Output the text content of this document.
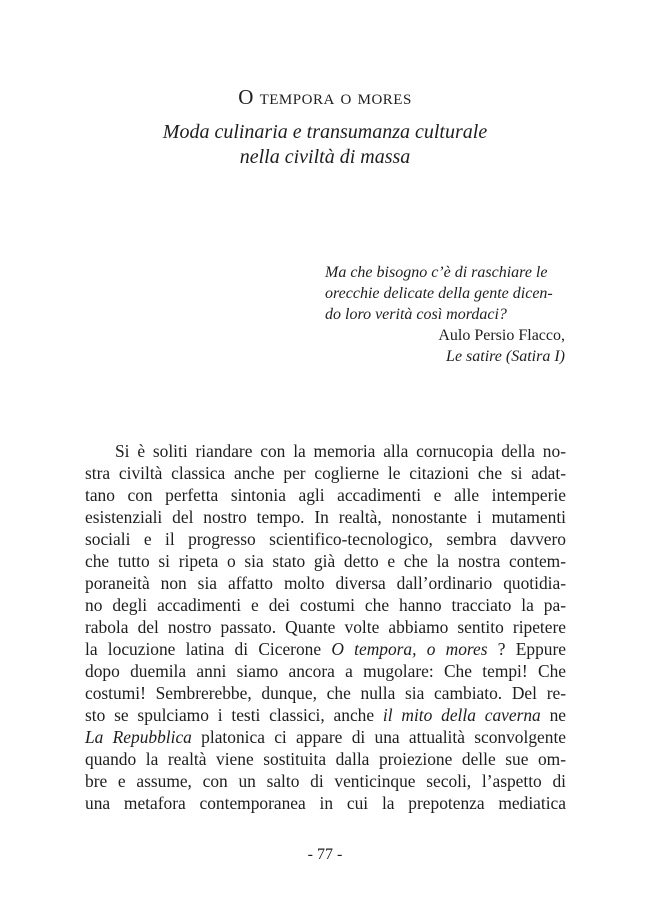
O tempora o mores
Moda culinaria e transumanza culturale
nella civiltà di massa
Ma che bisogno c’è di raschiare le
orecchie delicate della gente dicen-
do loro verità così mordaci?
Aulo Persio Flacco,
Le satire (Satira I)
Si è soliti riandare con la memoria alla cornucopia della no-
stra civiltà classica anche per coglierne le citazioni che si adat-
tano con perfetta sintonia agli accadimenti e alle intemperie
esistenziali del nostro tempo. In realtà, nonostante i mutamenti
sociali e il progresso scientifico-tecnologico, sembra davvero
che tutto si ripeta o sia stato già detto e che la nostra contem-
poraneità non sia affatto molto diversa dall’ordinario quotidia-
no degli accadimenti e dei costumi che hanno tracciato la pa-
rabola del nostro passato. Quante volte abbiamo sentito ripetere
la locuzione latina di Cicerone O tempora, o mores ? Eppure
dopo duemila anni siamo ancora a mugolare: Che tempi! Che
costumi! Sembrerebbe, dunque, che nulla sia cambiato. Del re-
sto se spulciamo i testi classici, anche il mito della caverna ne
La Repubblica platonica ci appare di una attualità sconvolgente
quando la realtà viene sostituita dalla proiezione delle sue om-
bre e assume, con un salto di venticinque secoli, l’aspetto di
una metafora contemporanea in cui la prepotenza mediatica
- 77 -
